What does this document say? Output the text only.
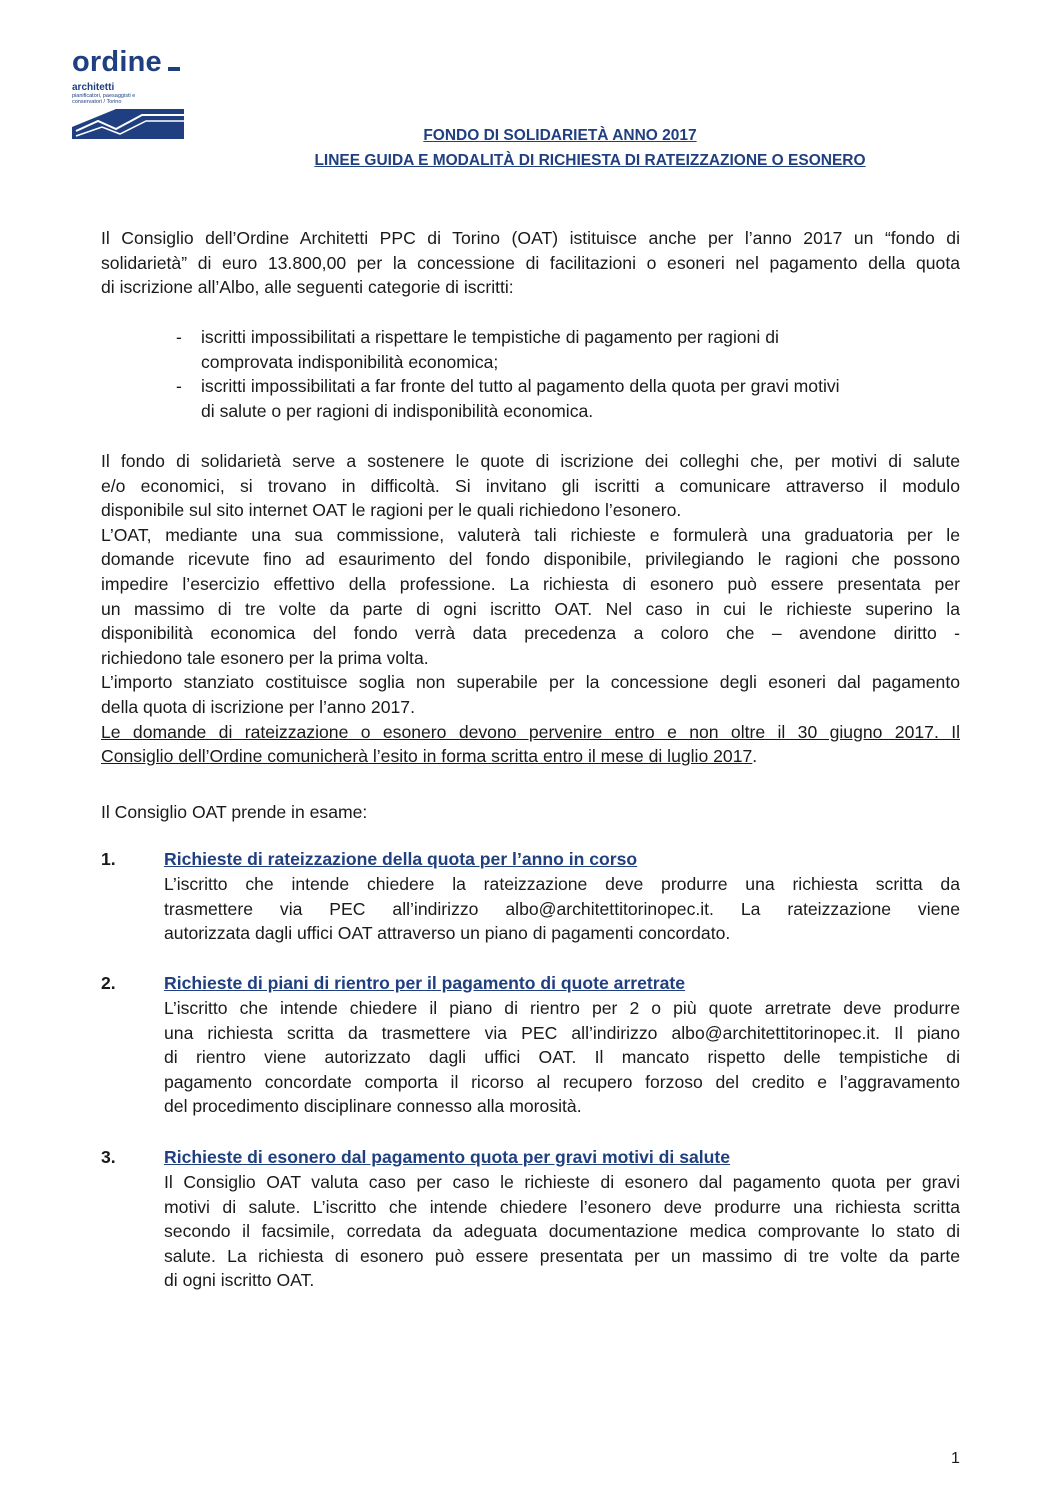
ordine
architetti
pianificatori, paesaggisti e conservatori / Torino
FONDO DI SOLIDARIETÀ ANNO 2017
LINEE GUIDA E MODALITÀ DI RICHIESTA DI RATEIZZAZIONE O ESONERO
Il Consiglio dell’Ordine Architetti PPC di Torino (OAT) istituisce anche per l’anno 2017 un “fondo di
solidarietà” di euro 13.800,00 per la concessione di facilitazioni o esoneri nel pagamento della quota
di iscrizione all’Albo, alle seguenti categorie di iscritti:
- iscritti impossibilitati a rispettare le tempistiche di pagamento per ragioni di
comprovata indisponibilità economica;
- iscritti impossibilitati a far fronte del tutto al pagamento della quota per gravi motivi
di salute o per ragioni di indisponibilità economica.
Il fondo di solidarietà serve a sostenere le quote di iscrizione dei colleghi che, per motivi di salute
e/o economici, si trovano in difficoltà. Si invitano gli iscritti a comunicare attraverso il modulo
disponibile sul sito internet OAT le ragioni per le quali richiedono l’esonero.
L’OAT, mediante una sua commissione, valuterà tali richieste e formulerà una graduatoria per le
domande ricevute fino ad esaurimento del fondo disponibile, privilegiando le ragioni che possono
impedire l’esercizio effettivo della professione. La richiesta di esonero può essere presentata per
un massimo di tre volte da parte di ogni iscritto OAT. Nel caso in cui le richieste superino la
disponibilità economica del fondo verrà data precedenza a coloro che – avendone diritto -
richiedono tale esonero per la prima volta.
L’importo stanziato costituisce soglia non superabile per la concessione degli esoneri dal pagamento
della quota di iscrizione per l’anno 2017.
Le domande di rateizzazione o esonero devono pervenire entro e non oltre il 30 giugno 2017. Il
Consiglio dell’Ordine comunicherà l’esito in forma scritta entro il mese di luglio 2017.
Il Consiglio OAT prende in esame:
1.	Richieste di rateizzazione della quota per l’anno in corso
L’iscritto che intende chiedere la rateizzazione deve produrre una richiesta scritta da
trasmettere via PEC all’indirizzo albo@architettitorinopec.it. La rateizzazione viene
autorizzata dagli uffici OAT attraverso un piano di pagamenti concordato.
2.	Richieste di piani di rientro per il pagamento di quote arretrate
L’iscritto che intende chiedere il piano di rientro per 2 o più quote arretrate deve produrre
una richiesta scritta da trasmettere via PEC all’indirizzo albo@architettitorinopec.it. Il piano
di rientro viene autorizzato dagli uffici OAT. Il mancato rispetto delle tempistiche di
pagamento concordate comporta il ricorso al recupero forzoso del credito e l’aggravamento
del procedimento disciplinare connesso alla morosità.
3.	Richieste di esonero dal pagamento quota per gravi motivi di salute
Il Consiglio OAT valuta caso per caso le richieste di esonero dal pagamento quota per gravi
motivi di salute. L’iscritto che intende chiedere l’esonero deve produrre una richiesta scritta
secondo il facsimile, corredata da adeguata documentazione medica comprovante lo stato di
salute. La richiesta di esonero può essere presentata per un massimo di tre volte da parte
di ogni iscritto OAT.
1
